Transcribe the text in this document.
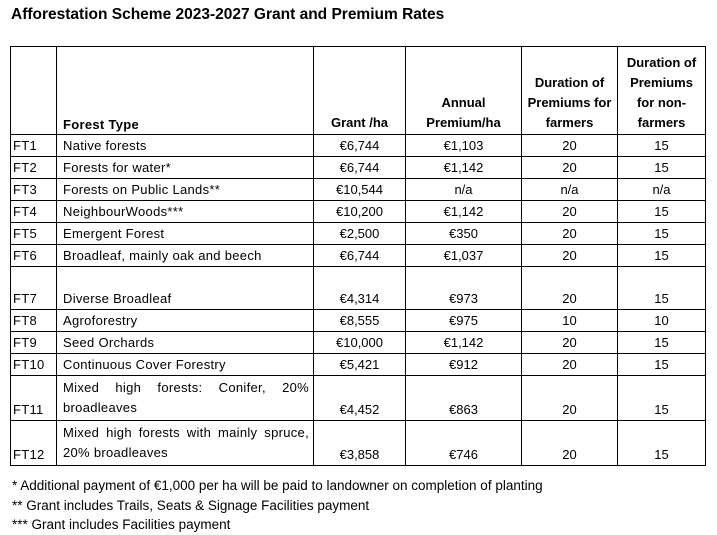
Afforestation Scheme 2023-2027 Grant and Premium Rates
	Forest Type	Grant /ha	Annual Premium/ha	Duration of Premiums for farmers	Duration of Premiums for non-farmers
FT1	Native forests	€6,744	€1,103	20	15
FT2	Forests for water*	€6,744	€1,142	20	15
FT3	Forests on Public Lands**	€10,544	n/a	n/a	n/a
FT4	NeighbourWoods***	€10,200	€1,142	20	15
FT5	Emergent Forest	€2,500	€350	20	15
FT6	Broadleaf, mainly oak and beech	€6,744	€1,037	20	15
FT7	Diverse Broadleaf	€4,314	€973	20	15
FT8	Agroforestry	€8,555	€975	10	10
FT9	Seed Orchards	€10,000	€1,142	20	15
FT10	Continuous Cover Forestry	€5,421	€912	20	15
FT11	Mixed high forests: Conifer, 20% broadleaves	€4,452	€863	20	15
FT12	Mixed high forests with mainly spruce, 20% broadleaves	€3,858	€746	20	15
* Additional payment of €1,000 per ha will be paid to landowner on completion of planting
** Grant includes Trails, Seats & Signage Facilities payment
*** Grant includes Facilities payment
